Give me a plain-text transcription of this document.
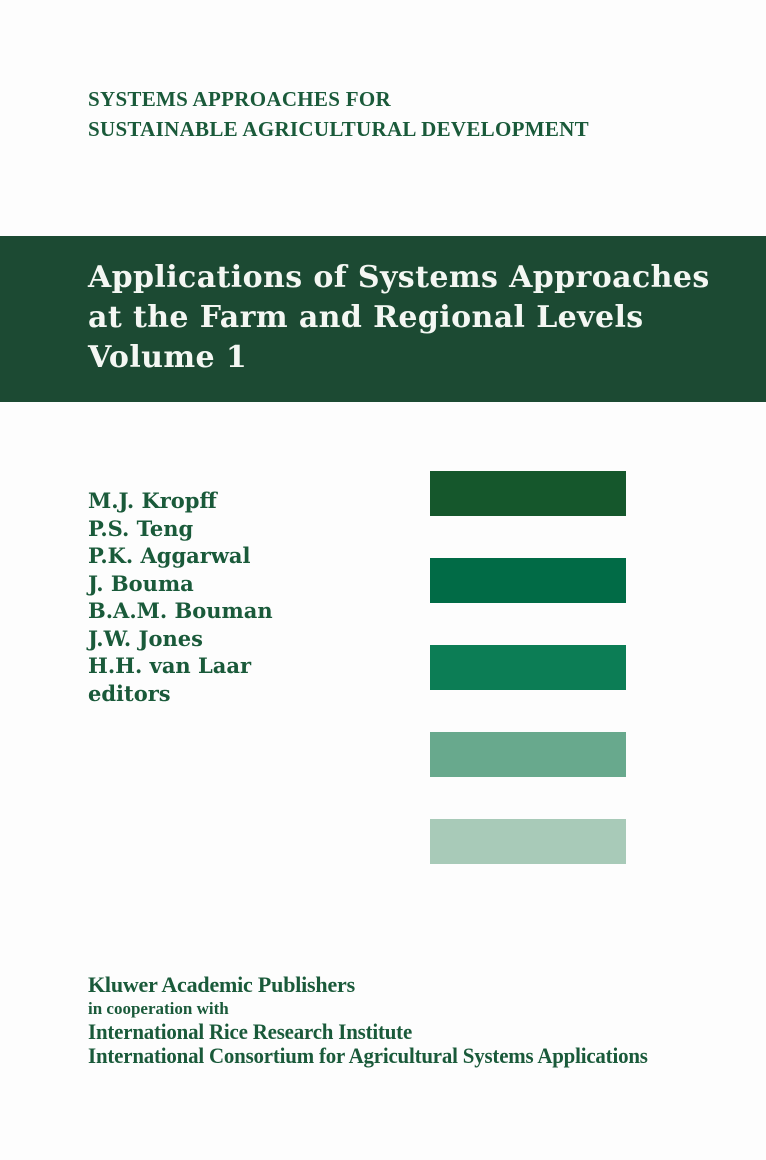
SYSTEMS APPROACHES FOR
SUSTAINABLE AGRICULTURAL DEVELOPMENT
Applications of Systems Approaches
at the Farm and Regional Levels
Volume 1
M.J. Kropff
P.S. Teng
P.K. Aggarwal
J. Bouma
B.A.M. Bouman
J.W. Jones
H.H. van Laar
editors
Kluwer Academic Publishers
in cooperation with
International Rice Research Institute
International Consortium for Agricultural Systems Applications
